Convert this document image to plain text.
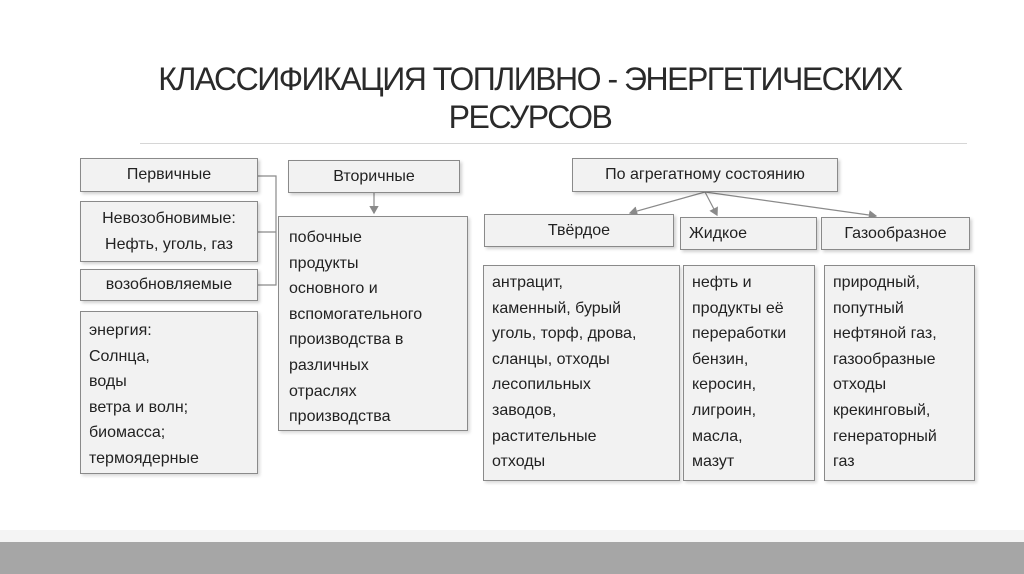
КЛАССИФИКАЦИЯ ТОПЛИВНО - ЭНЕРГЕТИЧЕСКИХ РЕСУРСОВ
Первичные
Невозобновимые:
Нефть, уголь, газ
возобновляемые
энергия:
Солнца,
воды
ветра и волн;
биомасса;
термоядерные
Вторичные
побочные
продукты
основного и
вспомогательного
производства в
различных
отраслях
производства
По агрегатному состоянию
Твёрдое	Жидкое	Газообразное
антрацит,
каменный, бурый
уголь, торф, дрова,
сланцы, отходы
лесопильных
заводов,
растительные
отходы
нефть и
продукты её
переработки
бензин,
керосин,
лигроин,
масла,
мазут
природный,
попутный
нефтяной газ,
газообразные
отходы
крекинговый,
генераторный
газ
